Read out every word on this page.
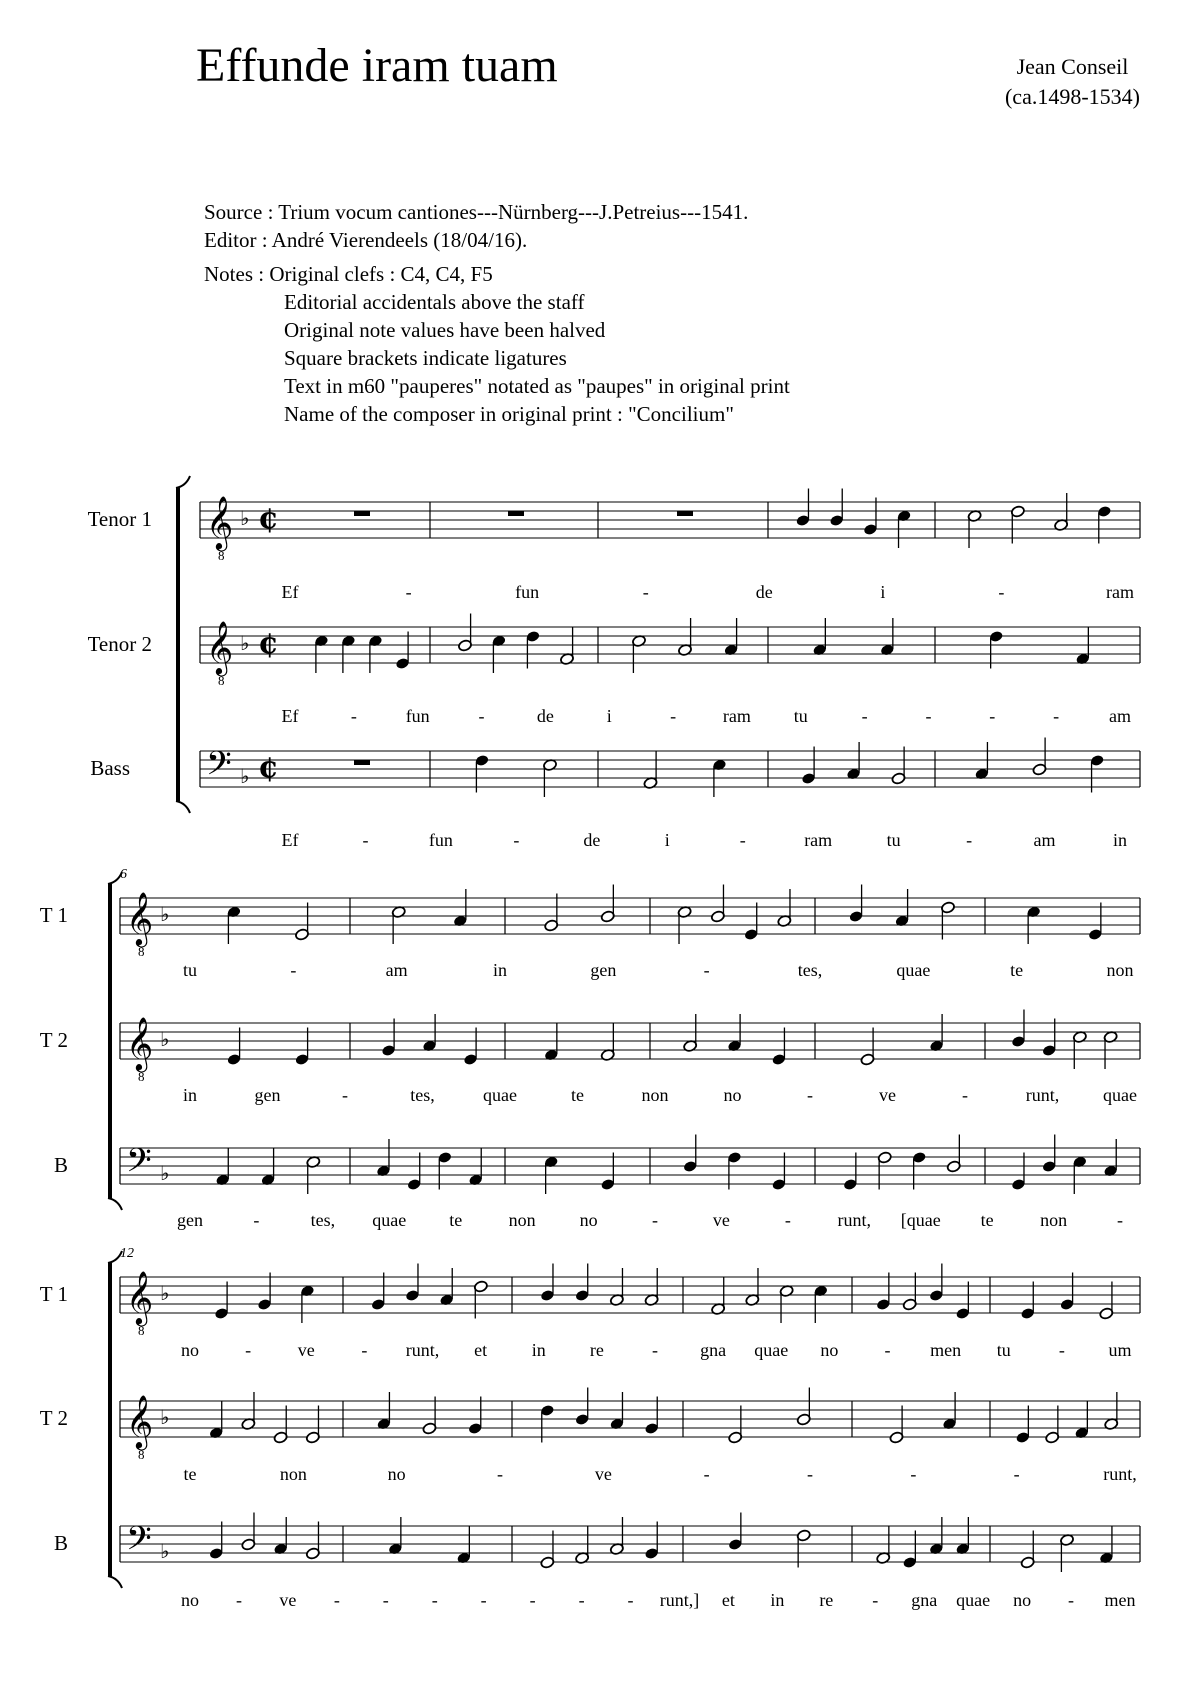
Effunde iram tuam	Jean Conseil
(ca.1498-1534)
Source : Trium vocum cantiones---Nürnberg---J.Petreius---1541.
Editor : André Vierendeels (18/04/16).
Notes : Original clefs : C4, C4, F5
Editorial accidentals above the staff
Original note values have been halved
Square brackets indicate ligatures
Text in m60 "pauperes" notated as "paupes" in original print
Name of the composer in original print : "Concilium"
Tenor 1 𝄞
8
♭ ¢
Ef	-	fun	-	de	i	-	ram
Tenor 2 𝄞
8
♭ ¢
Ef	-	fun	-	de	i	-	ram tu	-	-	-	-	am
Bass 𝄢 ♭ ¢
Ef	-	fun	-	de	i	-	ram	tu	-	am	in
6
T 1 𝄞
8
♭
tu	-	am	in	gen	-	tes,	quae	te	non
T 2 𝄞
8
♭
in	gen	-	tes,	quae	te	non	no	-	ve	-	runt, quae
B 𝄢 ♭
gen	-	tes, quae te	non no	-	ve	-	runt, [quae te	non	-
12
T 1 𝄞
8
♭
no	-	ve	- runt, et in re	- gna quae no	- men tu	- um
T 2 𝄞
8
♭
te	non	no	-	ve	-	-	-	-	runt,
B 𝄢 ♭
no - ve - - - - - - - runt,] et in re - gna quae no - men
